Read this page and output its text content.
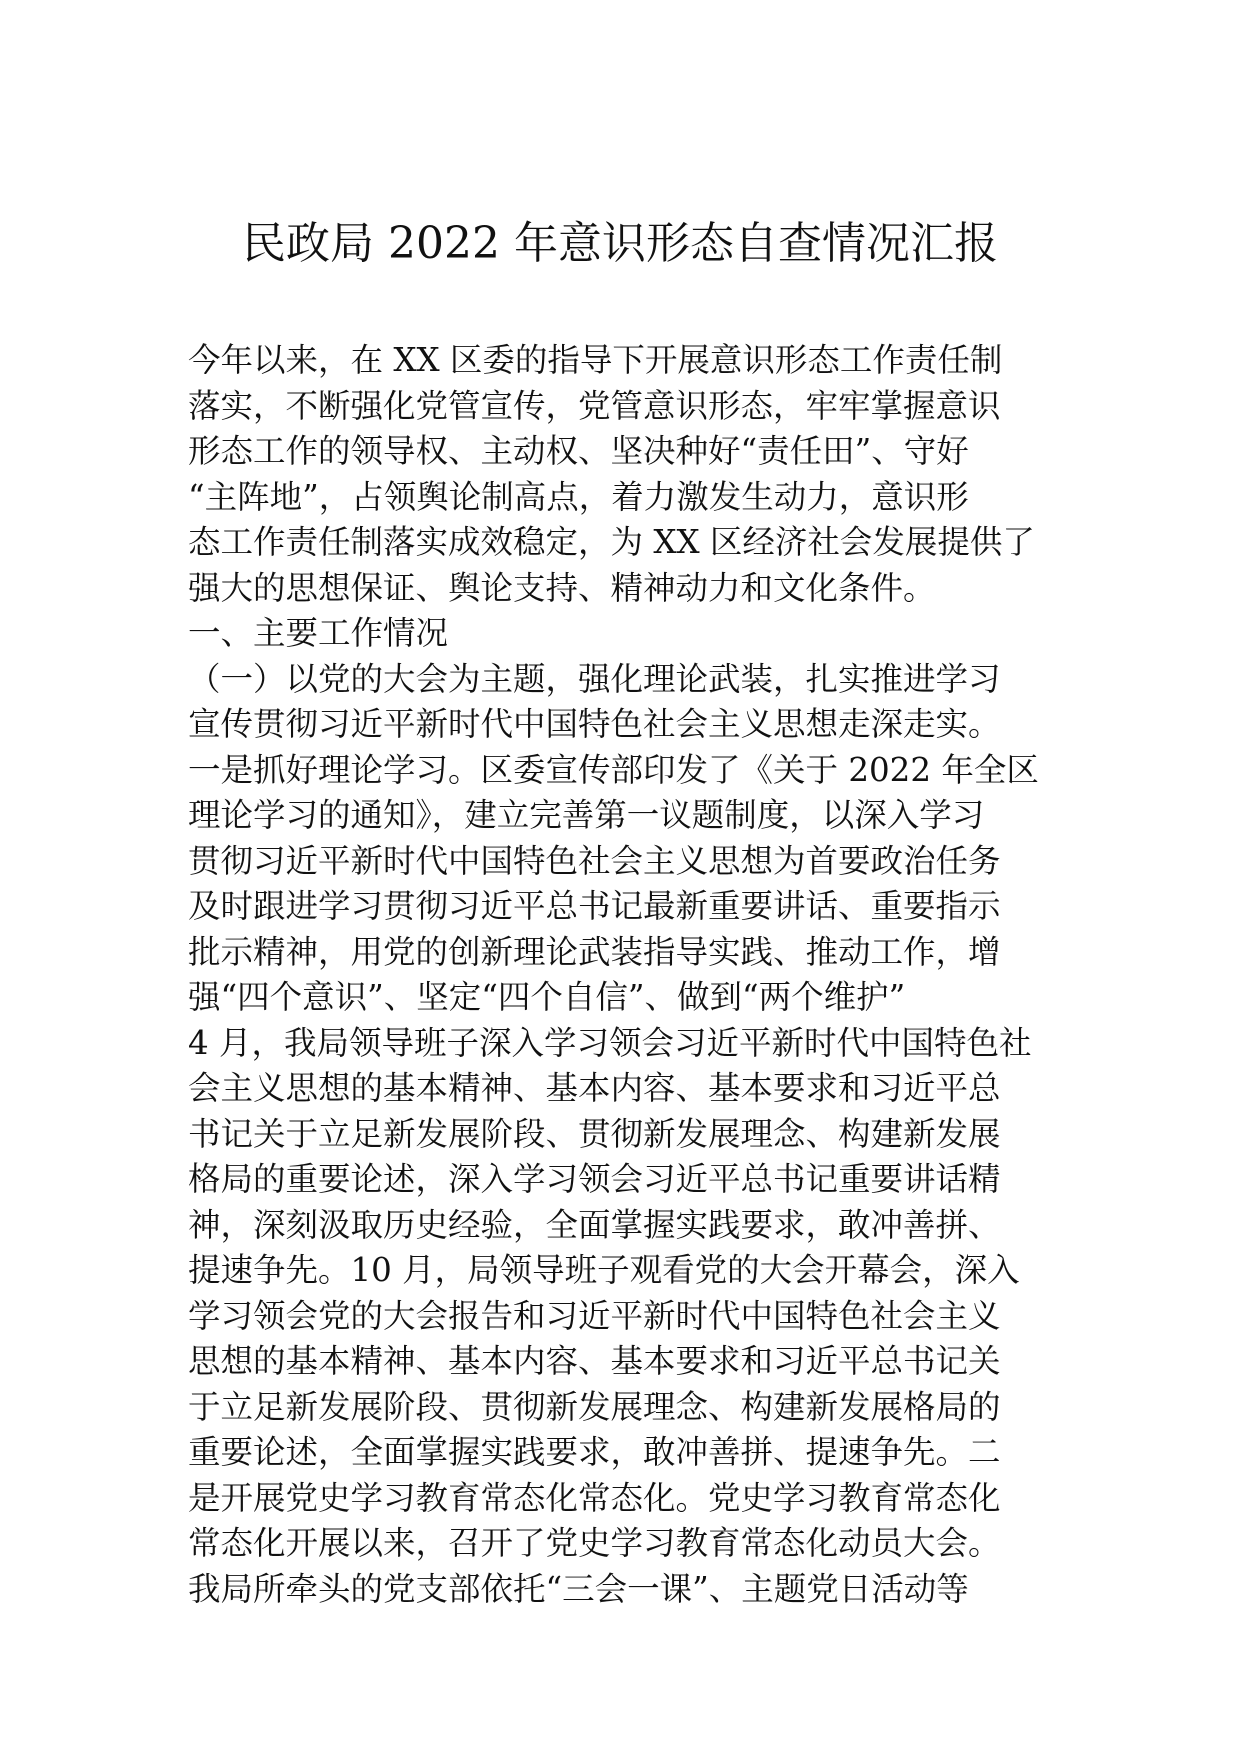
民政局 2022 年意识形态自查情况汇报
今年以来，在 XX 区委的指导下开展意识形态工作责任制
落实，不断强化党管宣传，党管意识形态，牢牢掌握意识
形态工作的领导权、主动权、坚决种好“责任田”、守好
“主阵地”，占领舆论制高点，着力激发生动力，意识形
态工作责任制落实成效稳定，为 XX 区经济社会发展提供了
强大的思想保证、舆论支持、精神动力和文化条件。
一、主要工作情况
（一）以党的大会为主题，强化理论武装，扎实推进学习
宣传贯彻习近平新时代中国特色社会主义思想走深走实。
一是抓好理论学习。区委宣传部印发了《关于 2022 年全区
理论学习的通知》，建立完善第一议题制度，以深入学习
贯彻习近平新时代中国特色社会主义思想为首要政治任务
及时跟进学习贯彻习近平总书记最新重要讲话、重要指示
批示精神，用党的创新理论武装指导实践、推动工作，增
强“四个意识”、坚定“四个自信”、做到“两个维护”
4 月，我局领导班子深入学习领会习近平新时代中国特色社
会主义思想的基本精神、基本内容、基本要求和习近平总
书记关于立足新发展阶段、贯彻新发展理念、构建新发展
格局的重要论述，深入学习领会习近平总书记重要讲话精
神，深刻汲取历史经验，全面掌握实践要求，敢冲善拼、
提速争先。10 月，局领导班子观看党的大会开幕会，深入
学习领会党的大会报告和习近平新时代中国特色社会主义
思想的基本精神、基本内容、基本要求和习近平总书记关
于立足新发展阶段、贯彻新发展理念、构建新发展格局的
重要论述，全面掌握实践要求，敢冲善拼、提速争先。二
是开展党史学习教育常态化常态化。党史学习教育常态化
常态化开展以来，召开了党史学习教育常态化动员大会。
我局所牵头的党支部依托“三会一课”、主题党日活动等
